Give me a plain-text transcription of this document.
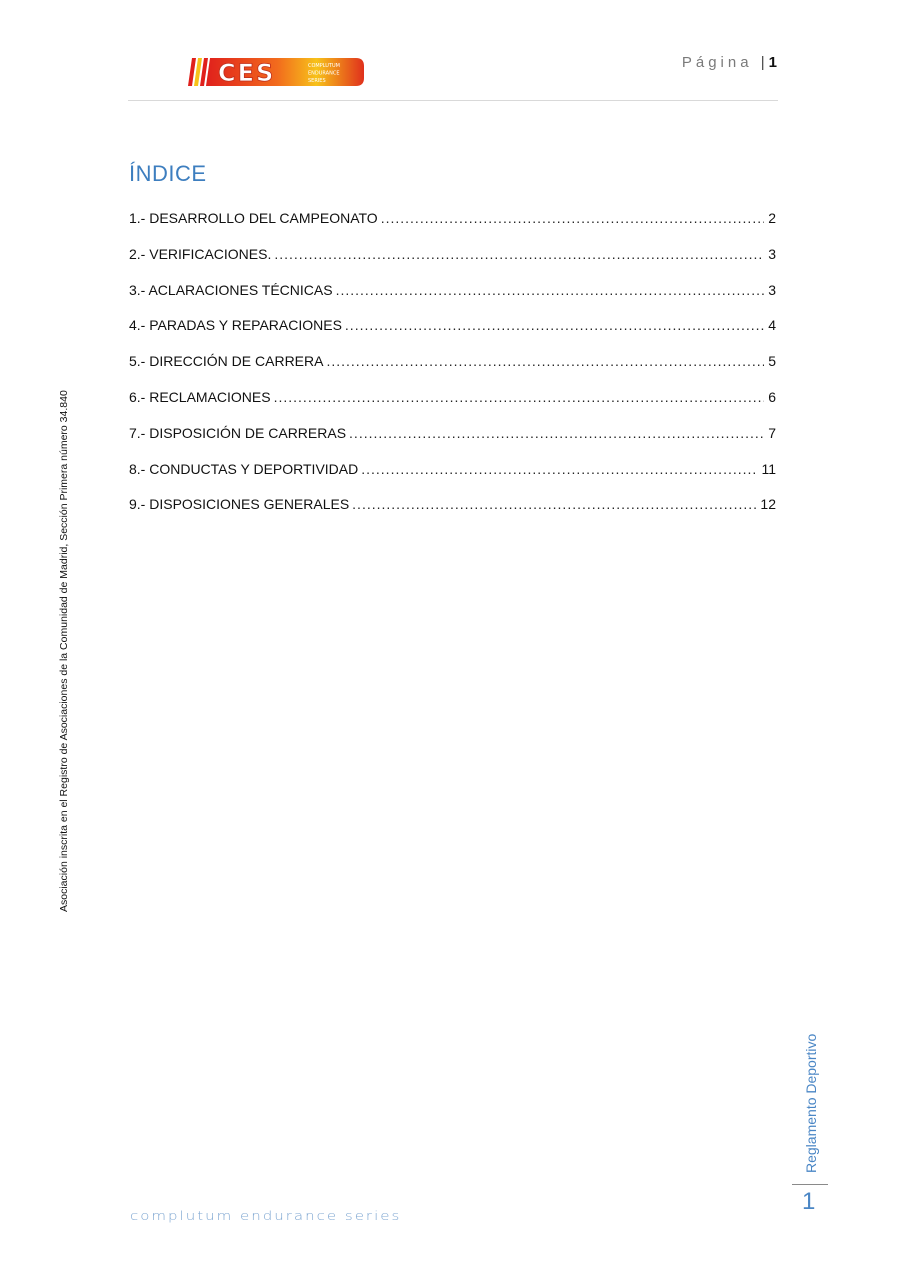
CES	COMPLUTUM
ENDURANCE
SERIES
Página | 1
ÍNDICE
1.- DESARROLLO DEL CAMPEONATO .....	2
2.- VERIFICACIONES. .....	3
3.- ACLARACIONES TÉCNICAS .....	3
4.- PARADAS Y REPARACIONES .....	4
5.- DIRECCIÓN DE CARRERA .....	5
6.- RECLAMACIONES .....	6
7.- DISPOSICIÓN DE CARRERAS .....	7
8.- CONDUCTAS Y DEPORTIVIDAD .....	11
9.- DISPOSICIONES GENERALES .....	12
Asociación inscrita en el Registro de Asociaciones de la Comunidad de Madrid, Sección Primera número 34.840
Reglamento Deportivo
1
complutum endurance series
